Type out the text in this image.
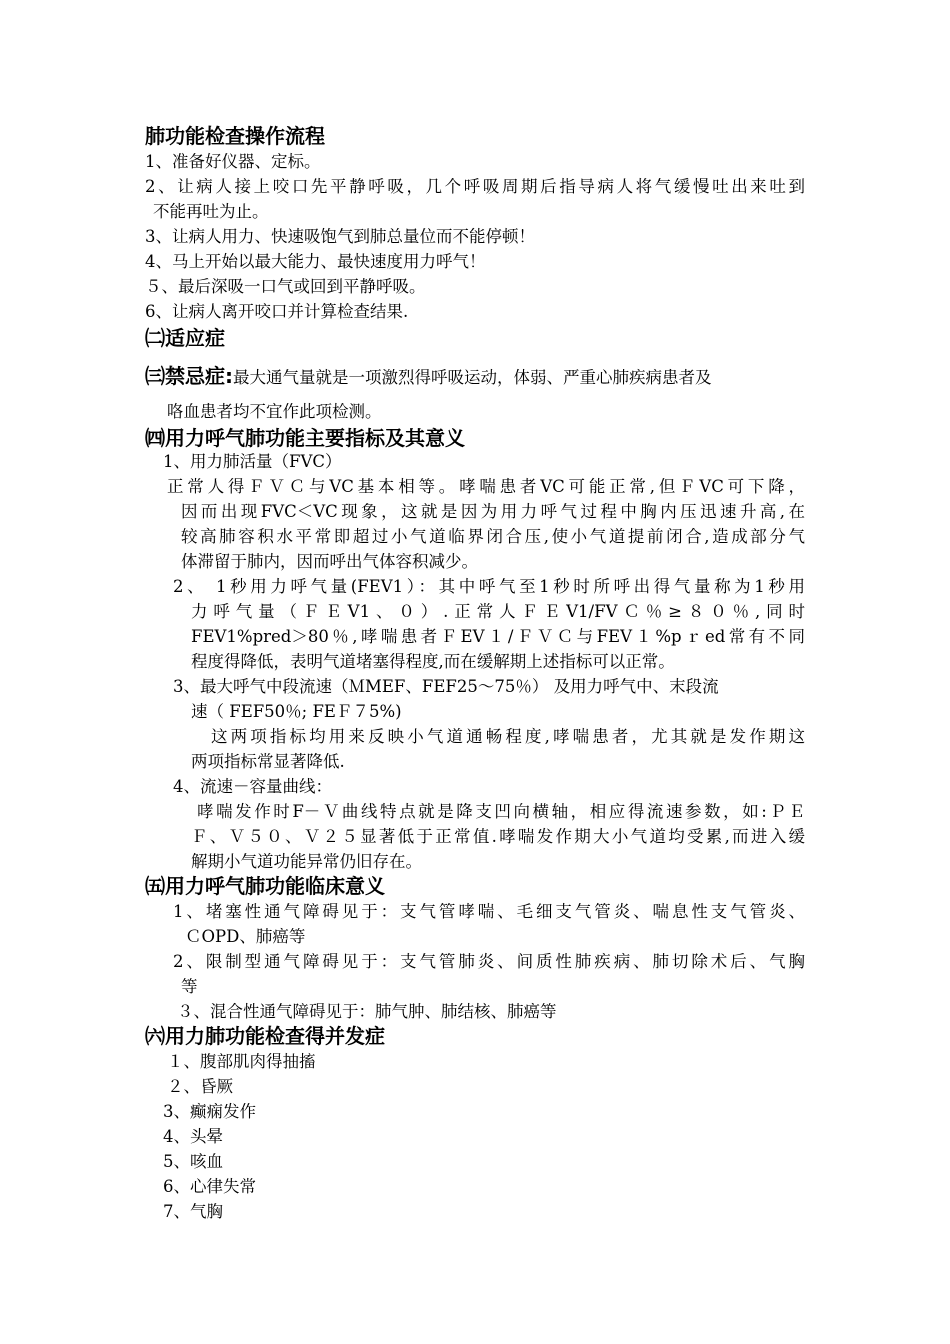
肺功能检查操作流程
1、准备好仪器、定标。
2、让病人接上咬口先平静呼吸，几个呼吸周期后指导病人将气缓慢吐出来吐到
不能再吐为止。
3、让病人用力、快速吸饱气到肺总量位而不能停顿！
4、马上开始以最大能力、最快速度用力呼气！
５、最后深吸一口气或回到平静呼吸。
6、让病人离开咬口并计算检查结果.
㈡适应症
㈢禁忌症:最大通气量就是一项激烈得呼吸运动，体弱、严重心肺疾病患者及
咯血患者均不宜作此项检测。
㈣用力呼气肺功能主要指标及其意义
1、用力肺活量（FVC）
正常人得ＦＶＣ与VC基本相等。哮喘患者VC可能正常,但ＦVC可下降，
因而出现FVC＜VC现象，这就是因为用力呼气过程中胸内压迅速升高,在
较高肺容积水平常即超过小气道临界闭合压,使小气道提前闭合,造成部分气
体滞留于肺内，因而呼出气体容积减少。
2、 1秒用力呼气量(FEV1）：其中呼气至1秒时所呼出得气量称为1秒用
力呼气量（ＦＥV1、０）.正常人ＦＥV1/FVＣ％≥８０％,同时
FEV1%pred＞80％,哮喘患者ＦEV１/ＦＶＣ与FEV１%pｒed常有不同
程度得降低，表明气道堵塞得程度,而在缓解期上述指标可以正常。
3、最大呼气中段流速（ＭMEF、FEF25～75％） 及用力呼气中、末段流
速（ FEF50％; FEＦ７5%)
这两项指标均用来反映小气道通畅程度,哮喘患者，尤其就是发作期这
两项指标常显著降低.
4、流速－容量曲线：
哮喘发作时F－Ｖ曲线特点就是降支凹向横轴，相应得流速参数，如:ＰＥ
Ｆ、Ｖ５０、Ｖ２５显著低于正常值.哮喘发作期大小气道均受累,而进入缓
解期小气道功能异常仍旧存在。
㈤用力呼气肺功能临床意义
1、堵塞性通气障碍见于：支气管哮喘、毛细支气管炎、喘息性支气管炎、
ＣOPD、肺癌等
2、限制型通气障碍见于：支气管肺炎、间质性肺疾病、肺切除术后、气胸
等
３、混合性通气障碍见于：肺气肿、肺结核、肺癌等
㈥用力肺功能检查得并发症
１、腹部肌肉得抽搐
２、昏厥
3、癫痫发作
4、头晕
5、咳血
6、心律失常
7、气胸
